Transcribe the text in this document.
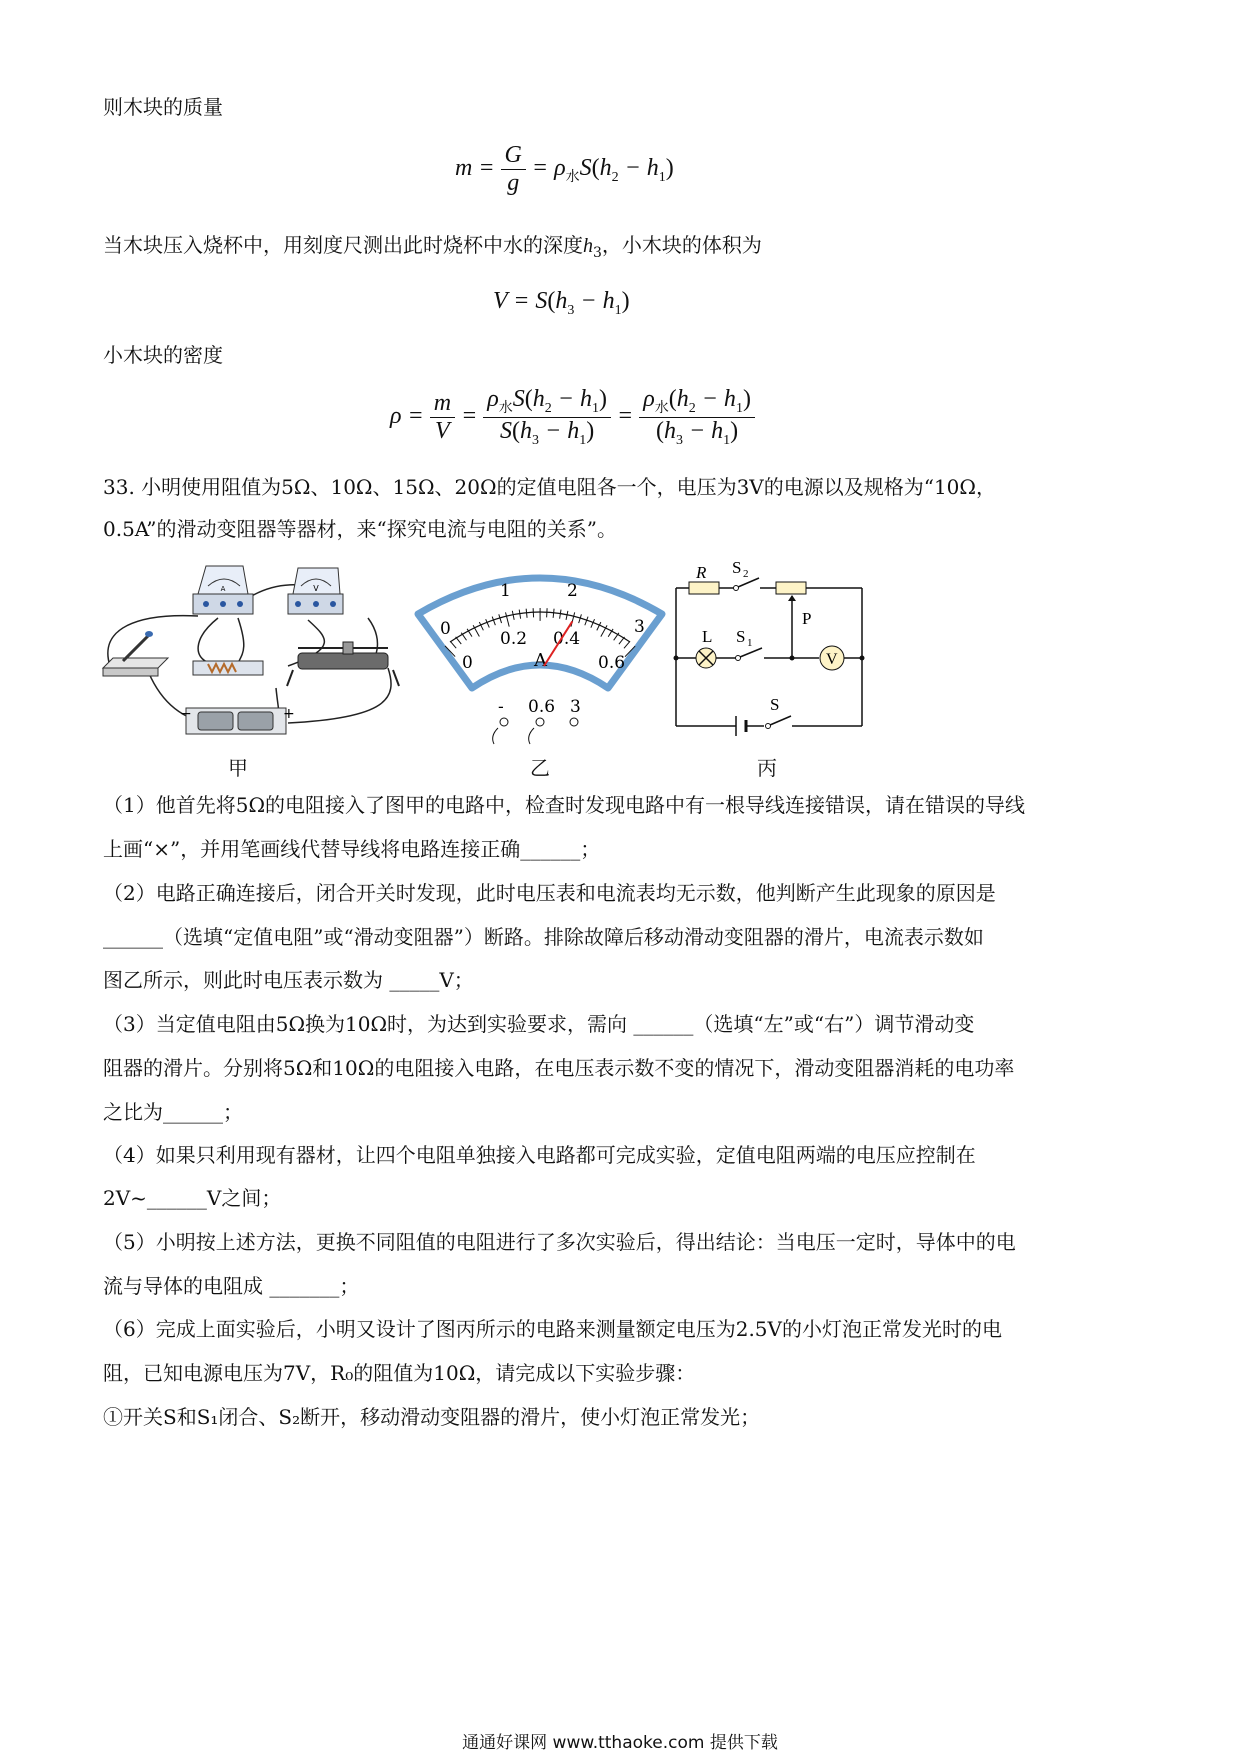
则木块的质量
$m = \frac{G}{g} = \rho_水S(h_2 - h_1)$
当木块压入烧杯中，用刻度尺测出此时烧杯中水的深度$h_3$，小木块的体积为
$V = S(h_3 - h_1)$
小木块的密度
$\rho = \frac{m}{V} = \frac{\rho_水S(h_2 - h_1)}{S(h_3 - h_1)} = \frac{\rho_水(h_2 - h_1)}{(h_3 - h_1)}$
33. 小明使用阻值为5Ω、10Ω、15Ω、20Ω的定值电阻各一个，电压为3V的电源以及规格为“10Ω，
0.5A”的滑动变阻器等器材，来“探究电流与电阻的关系”。
A	V
−	+
甲
0
1	2
3
0
0.2 0.4
0.6
A
- 0.6 3
乙
R S 2
P
L S 1
V
S
丙
（1）他首先将5Ω的电阻接入了图甲的电路中，检查时发现电路中有一根导线连接错误，请在错误的导线
上画“×”，并用笔画线代替导线将电路连接正确______；
（2）电路正确连接后，闭合开关时发现，此时电压表和电流表均无示数，他判断产生此现象的原因是
______（选填“定值电阻”或“滑动变阻器”）断路。排除故障后移动滑动变阻器的滑片，电流表示数如
图乙所示，则此时电压表示数为 _____V；
（3）当定值电阻由5Ω换为10Ω时，为达到实验要求，需向 ______（选填“左”或“右”）调节滑动变
阻器的滑片。分别将5Ω和10Ω的电阻接入电路，在电压表示数不变的情况下，滑动变阻器消耗的电功率
之比为______；
（4）如果只利用现有器材，让四个电阻单独接入电路都可完成实验，定值电阻两端的电压应控制在
2V~______V之间；
（5）小明按上述方法，更换不同阻值的电阻进行了多次实验后，得出结论：当电压一定时，导体中的电
流与导体的电阻成 _______；
（6）完成上面实验后，小明又设计了图丙所示的电路来测量额定电压为2.5V的小灯泡正常发光时的电
阻，已知电源电压为7V，R₀的阻值为10Ω，请完成以下实验步骤：
①开关S和S₁闭合、S₂断开，移动滑动变阻器的滑片，使小灯泡正常发光；
通通好课网 www.tthaoke.com 提供下载
